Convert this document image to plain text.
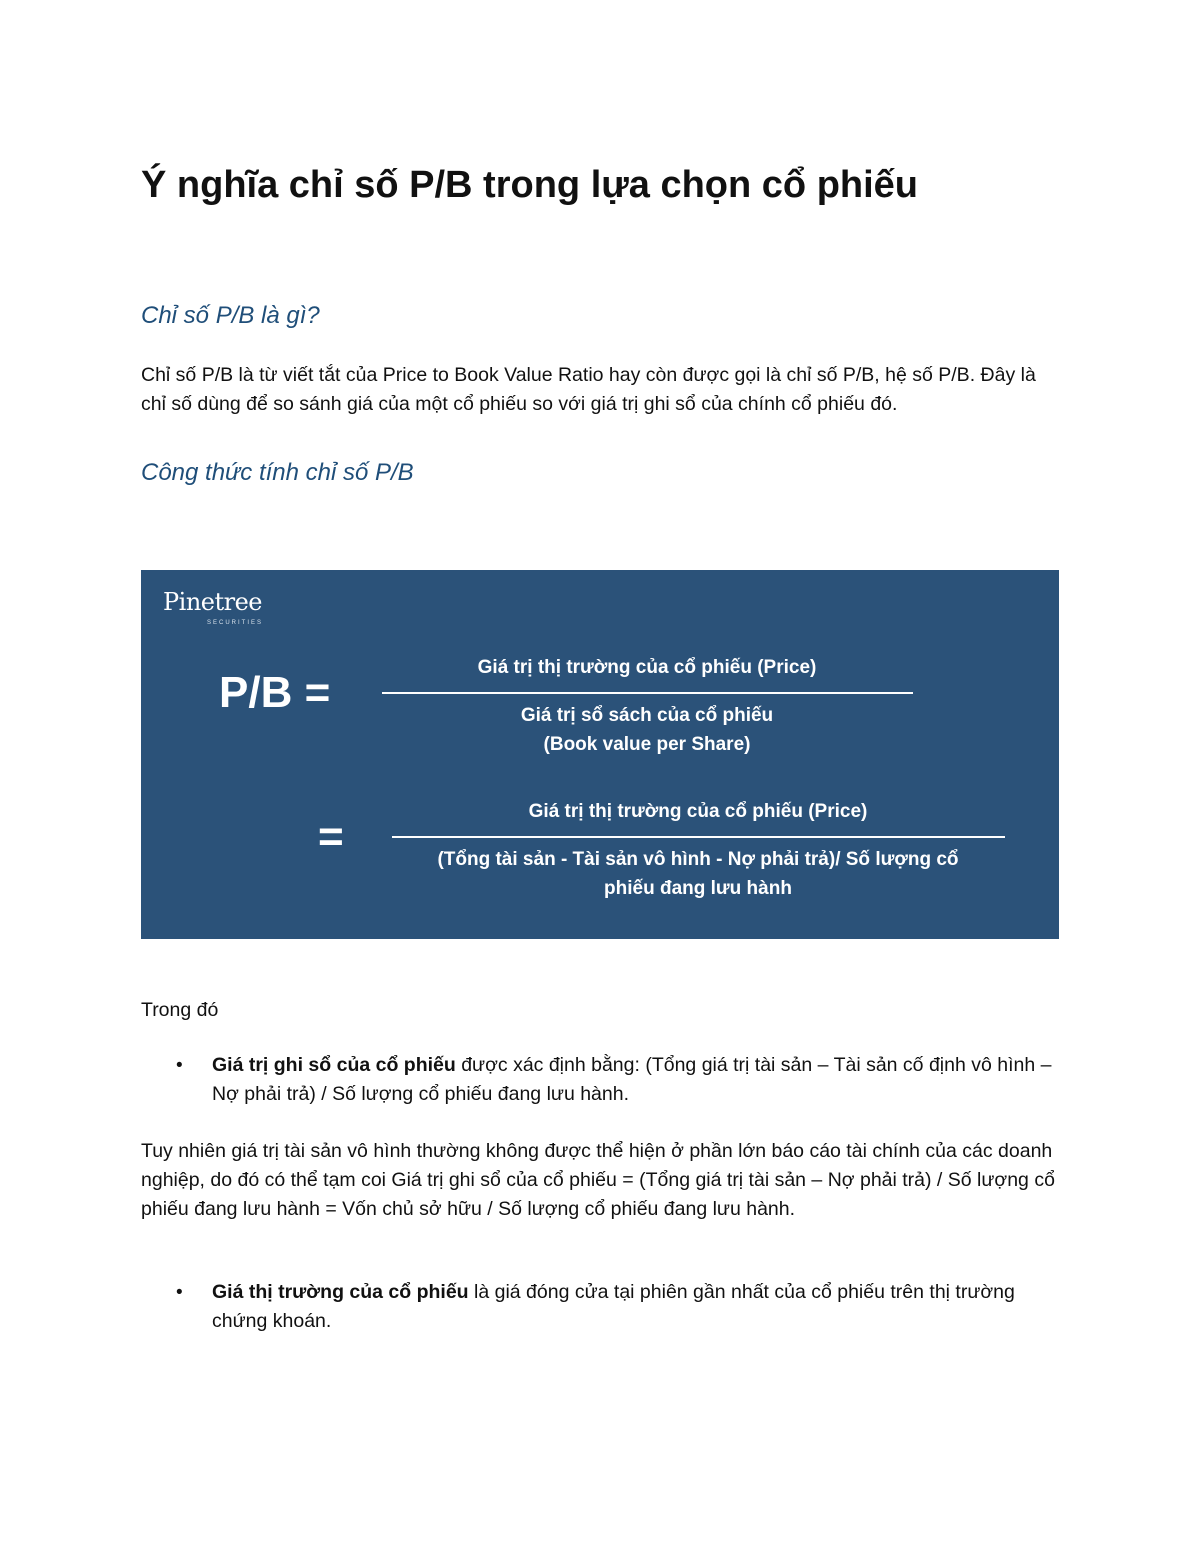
Ý nghĩa chỉ số P/B trong lựa chọn cổ phiếu
Chỉ số P/B là gì?

Chỉ số P/B là từ viết tắt của Price to Book Value Ratio hay còn được gọi là chỉ số P/B, hệ số P/B. Đây là chỉ số dùng để so sánh giá của một cổ phiếu so với giá trị ghi sổ của chính cổ phiếu đó.

Công thức tính chỉ số P/B
Pinetree
SECURITIES
P/B =
Giá trị thị trường của cổ phiếu (Price)
Giá trị sổ sách của cổ phiếu
(Book value per Share)
=
Giá trị thị trường của cổ phiếu (Price)
(Tổng tài sản - Tài sản vô hình - Nợ phải trả)/ Số lượng cổ
phiếu đang lưu hành

Trong đó

• Giá trị ghi sổ của cổ phiếu được xác định bằng: (Tổng giá trị tài sản – Tài sản cố định vô hình – Nợ phải trả) / Số lượng cổ phiếu đang lưu hành.

Tuy nhiên giá trị tài sản vô hình thường không được thể hiện ở phần lớn báo cáo tài chính của các doanh nghiệp, do đó có thể tạm coi Giá trị ghi sổ của cổ phiếu = (Tổng giá trị tài sản – Nợ phải trả) / Số lượng cổ phiếu đang lưu hành = Vốn chủ sở hữu / Số lượng cổ phiếu đang lưu hành.

• Giá thị trường của cổ phiếu là giá đóng cửa tại phiên gần nhất của cổ phiếu trên thị trường chứng khoán.
